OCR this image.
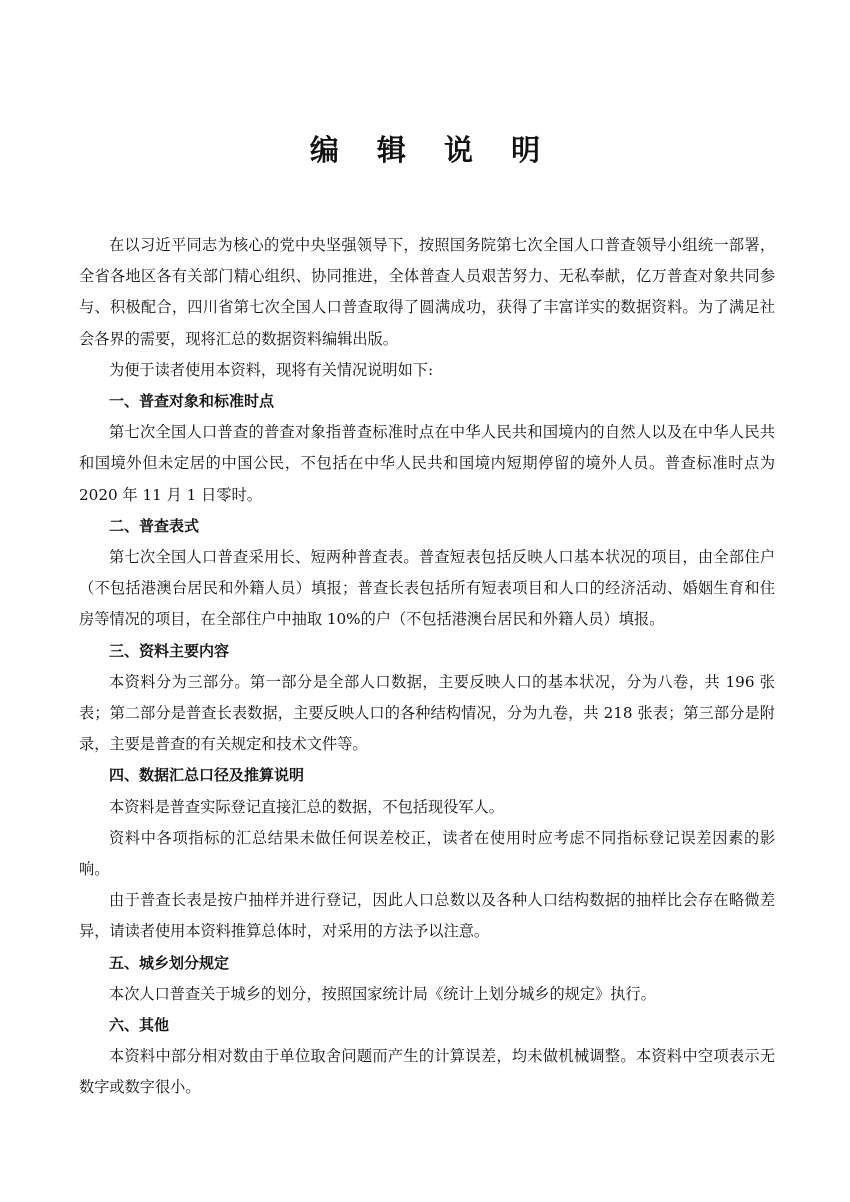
编 辑 说 明

在以习近平同志为核心的党中央坚强领导下，按照国务院第七次全国人口普查领导小组统一部署，全省各地区各有关部门精心组织、协同推进，全体普查人员艰苦努力、无私奉献，亿万普查对象共同参与、积极配合，四川省第七次全国人口普查取得了圆满成功，获得了丰富详实的数据资料。为了满足社会各界的需要，现将汇总的数据资料编辑出版。

为便于读者使用本资料，现将有关情况说明如下:

一、普查对象和标准时点

第七次全国人口普查的普查对象指普查标准时点在中华人民共和国境内的自然人以及在中华人民共和国境外但未定居的中国公民，不包括在中华人民共和国境内短期停留的境外人员。普查标准时点为 2020 年 11 月 1 日零时。

二、普查表式

第七次全国人口普查采用长、短两种普查表。普查短表包括反映人口基本状况的项目，由全部住户（不包括港澳台居民和外籍人员）填报；普查长表包括所有短表项目和人口的经济活动、婚姻生育和住房等情况的项目，在全部住户中抽取 10%的户（不包括港澳台居民和外籍人员）填报。

三、资料主要内容

本资料分为三部分。第一部分是全部人口数据，主要反映人口的基本状况，分为八卷，共 196 张表；第二部分是普查长表数据，主要反映人口的各种结构情况，分为九卷，共 218 张表；第三部分是附录，主要是普查的有关规定和技术文件等。

四、数据汇总口径及推算说明

本资料是普查实际登记直接汇总的数据，不包括现役军人。

资料中各项指标的汇总结果未做任何误差校正，读者在使用时应考虑不同指标登记误差因素的影响。

由于普查长表是按户抽样并进行登记，因此人口总数以及各种人口结构数据的抽样比会存在略微差异，请读者使用本资料推算总体时，对采用的方法予以注意。

五、城乡划分规定

本次人口普查关于城乡的划分，按照国家统计局《统计上划分城乡的规定》执行。

六、其他

本资料中部分相对数由于单位取舍问题而产生的计算误差，均未做机械调整。本资料中空项表示无数字或数字很小。
